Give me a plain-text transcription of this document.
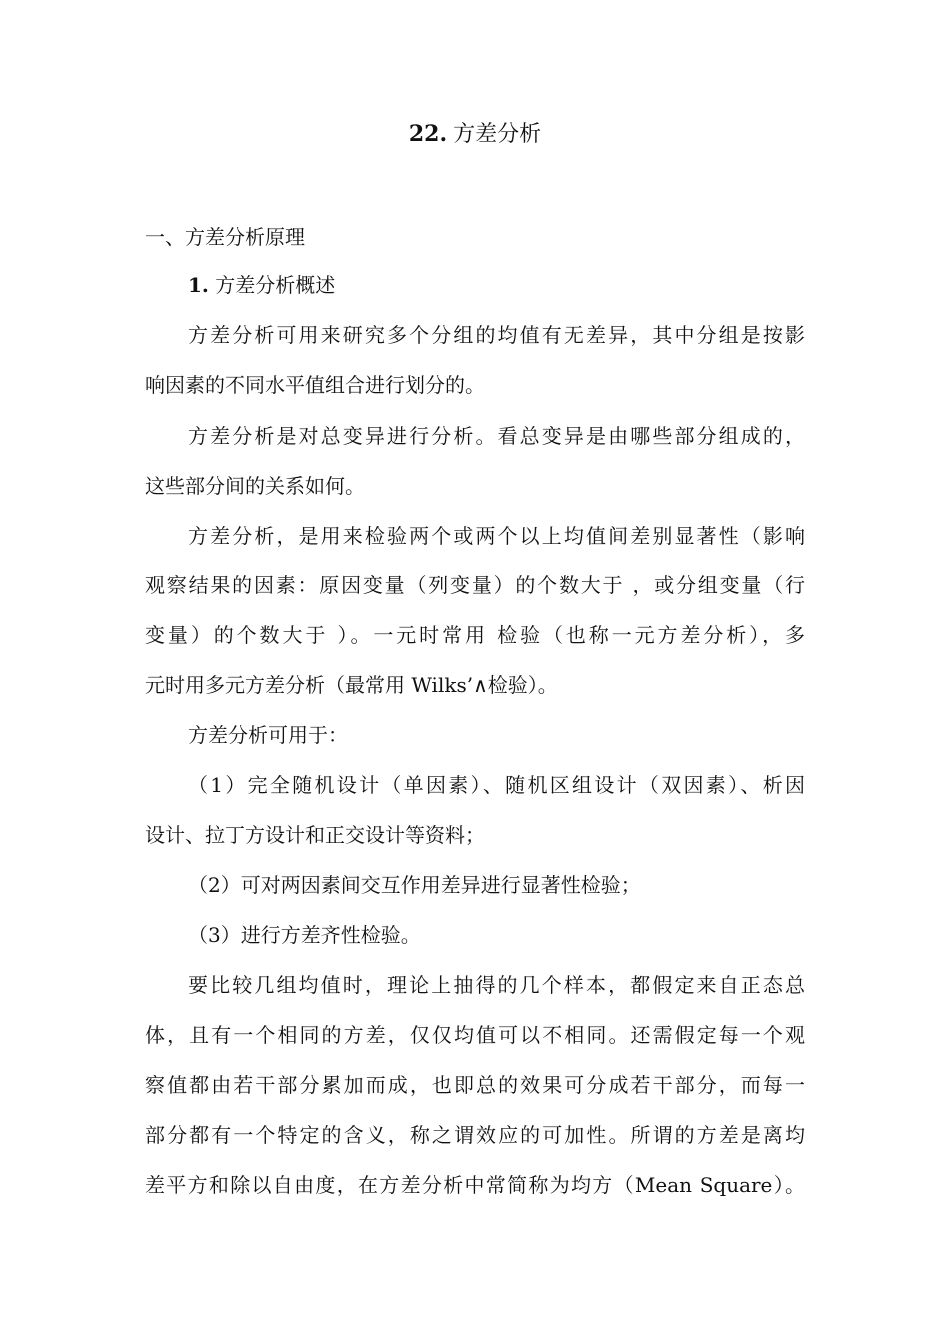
22. 方差分析
一、方差分析原理
1. 方差分析概述
方差分析可用来研究多个分组的均值有无差异，其中分组是按影
响因素的不同水平值组合进行划分的。
方差分析是对总变异进行分析。看总变异是由哪些部分组成的，
这些部分间的关系如何。
方差分析，是用来检验两个或两个以上均值间差别显著性（影响
观察结果的因素：原因变量（列变量）的个数大于 ，或分组变量（行
变量）的个数大于 ）。一元时常用 检验（也称一元方差分析），多
元时用多元方差分析（最常用 Wilks’∧检验）。
方差分析可用于：
（1）完全随机设计（单因素）、随机区组设计（双因素）、析因
设计、拉丁方设计和正交设计等资料；
（2）可对两因素间交互作用差异进行显著性检验；
（3）进行方差齐性检验。
要比较几组均值时，理论上抽得的几个样本，都假定来自正态总
体，且有一个相同的方差，仅仅均值可以不相同。还需假定每一个观
察值都由若干部分累加而成，也即总的效果可分成若干部分，而每一
部分都有一个特定的含义，称之谓效应的可加性。所谓的方差是离均
差平方和除以自由度，在方差分析中常简称为均方（Mean Square）。
